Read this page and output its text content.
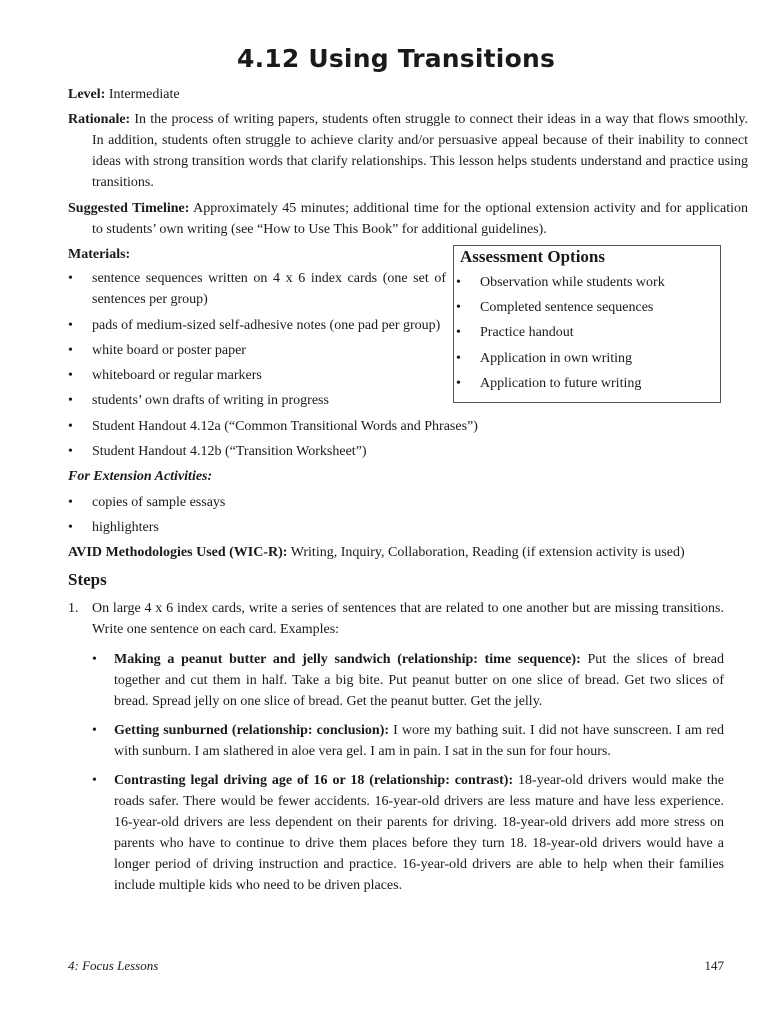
4.12 Using Transitions
Level: Intermediate
Rationale: In the process of writing papers, students often struggle to connect their ideas in a way that flows smoothly. In addition, students often struggle to achieve clarity and/or persuasive appeal because of their inability to connect ideas with strong transition words that clarify relationships. This lesson helps students understand and practice using transitions.
Suggested Timeline: Approximately 45 minutes; additional time for the optional extension activity and for application to students’ own writing (see “How to Use This Book” for additional guidelines).
Materials:
• sentence sequences written on 4 x 6 index cards (one set of sentences per group)
• pads of medium-sized self-adhesive notes (one pad per group)
• white board or poster paper
• whiteboard or regular markers
• students’ own drafts of writing in progress
• Student Handout 4.12a (“Common Transitional Words and Phrases”)
• Student Handout 4.12b (“Transition Worksheet”)
For Extension Activities:
• copies of sample essays
• highlighters
Assessment Options
• Observation while students work
• Completed sentence sequences
• Practice handout
• Application in own writing
• Application to future writing
AVID Methodologies Used (WIC-R): Writing, Inquiry, Collaboration, Reading (if extension activity is used)
Steps
1. On large 4 x 6 index cards, write a series of sentences that are related to one another but are missing transitions. Write one sentence on each card. Examples:
• Making a peanut butter and jelly sandwich (relationship: time sequence): Put the slices of bread together and cut them in half. Take a big bite. Put peanut butter on one slice of bread. Get two slices of bread. Spread jelly on one slice of bread. Get the peanut butter. Get the jelly.
• Getting sunburned (relationship: conclusion): I wore my bathing suit. I did not have sunscreen. I am red with sunburn. I am slathered in aloe vera gel. I am in pain. I sat in the sun for four hours.
• Contrasting legal driving age of 16 or 18 (relationship: contrast): 18-year-old drivers would make the roads safer. There would be fewer accidents. 16-year-old drivers are less mature and have less experience. 16-year-old drivers are less dependent on their parents for driving. 18-year-old drivers add more stress on parents who have to continue to drive them places before they turn 18. 18-year-old drivers would have a longer period of driving instruction and practice. 16-year-old drivers are able to help when their families include multiple kids who need to be driven places.
4: Focus Lessons	147
